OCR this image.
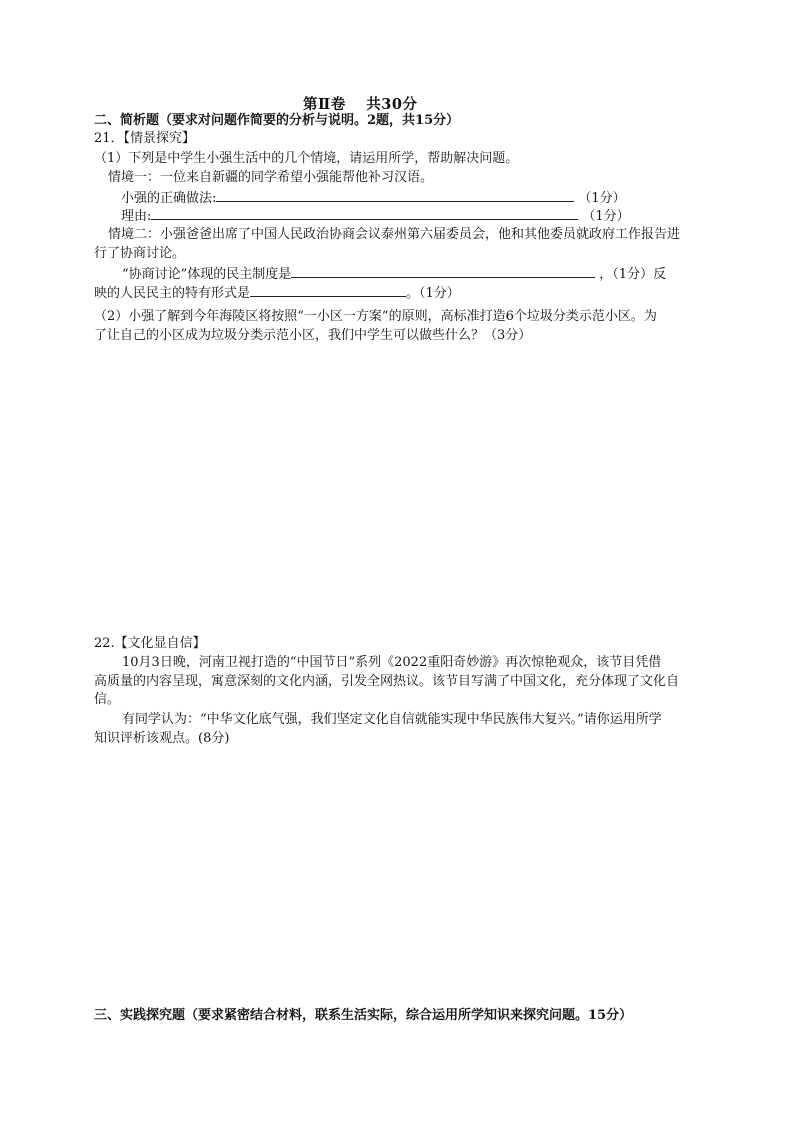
第Ⅱ卷　 共30分
二、简析题（要求对问题作简要的分析与说明。2题，共15分）
21．【情景探究】
（1）下列是中学生小强生活中的几个情境，请运用所学，帮助解决问题。
情境一：一位来自新疆的同学希望小强能帮他补习汉语。
小强的正确做法:	（1分）
理由:	（1分）
情境二：小强爸爸出席了中国人民政治协商会议泰州第六届委员会，他和其他委员就政府工作报告进
行了协商讨论。
“协商讨论”体现的民主制度是	，（1分）反
映的人民民主的特有形式是	。（1分）
（2）小强了解到今年海陵区将按照“一小区一方案”的原则，高标准打造6个垃圾分类示范小区。为
了让自己的小区成为垃圾分类示范小区，我们中学生可以做些什么？（3分）
22.【文化显自信】
10月3日晚，河南卫视打造的“中国节日”系列《2022重阳奇妙游》再次惊艳观众，该节目凭借
高质量的内容呈现，寓意深刻的文化内涵，引发全网热议。该节目写满了中国文化，充分体现了文化自
信。
有同学认为：“中华文化底气强，我们坚定文化自信就能实现中华民族伟大复兴。”请你运用所学
知识评析该观点。(8分)
三、实践探究题（要求紧密结合材料，联系生活实际，综合运用所学知识来探究问题。15分）
